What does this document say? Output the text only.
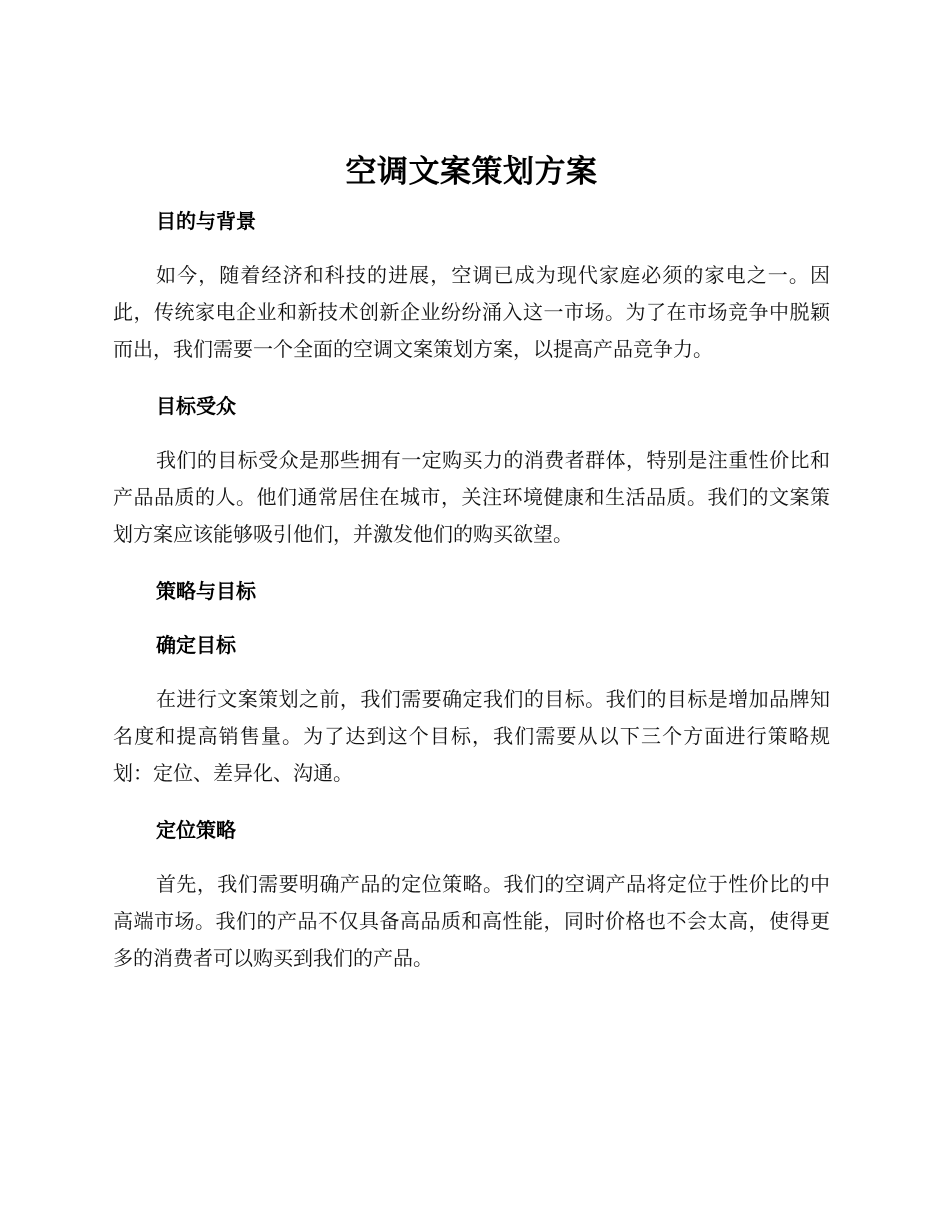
空调文案策划方案
目的与背景

如今，随着经济和科技的进展，空调已成为现代家庭必须的家电之一。因此，传统家电企业和新技术创新企业纷纷涌入这一市场。为了在市场竞争中脱颖而出，我们需要一个全面的空调文案策划方案，以提高产品竞争力。

目标受众

我们的目标受众是那些拥有一定购买力的消费者群体，特别是注重性价比和产品品质的人。他们通常居住在城市，关注环境健康和生活品质。我们的文案策划方案应该能够吸引他们，并激发他们的购买欲望。

策略与目标
确定目标

在进行文案策划之前，我们需要确定我们的目标。我们的目标是增加品牌知名度和提高销售量。为了达到这个目标，我们需要从以下三个方面进行策略规划：定位、差异化、沟通。

定位策略

首先，我们需要明确产品的定位策略。我们的空调产品将定位于性价比的中高端市场。我们的产品不仅具备高品质和高性能，同时价格也不会太高，使得更多的消费者可以购买到我们的产品。
